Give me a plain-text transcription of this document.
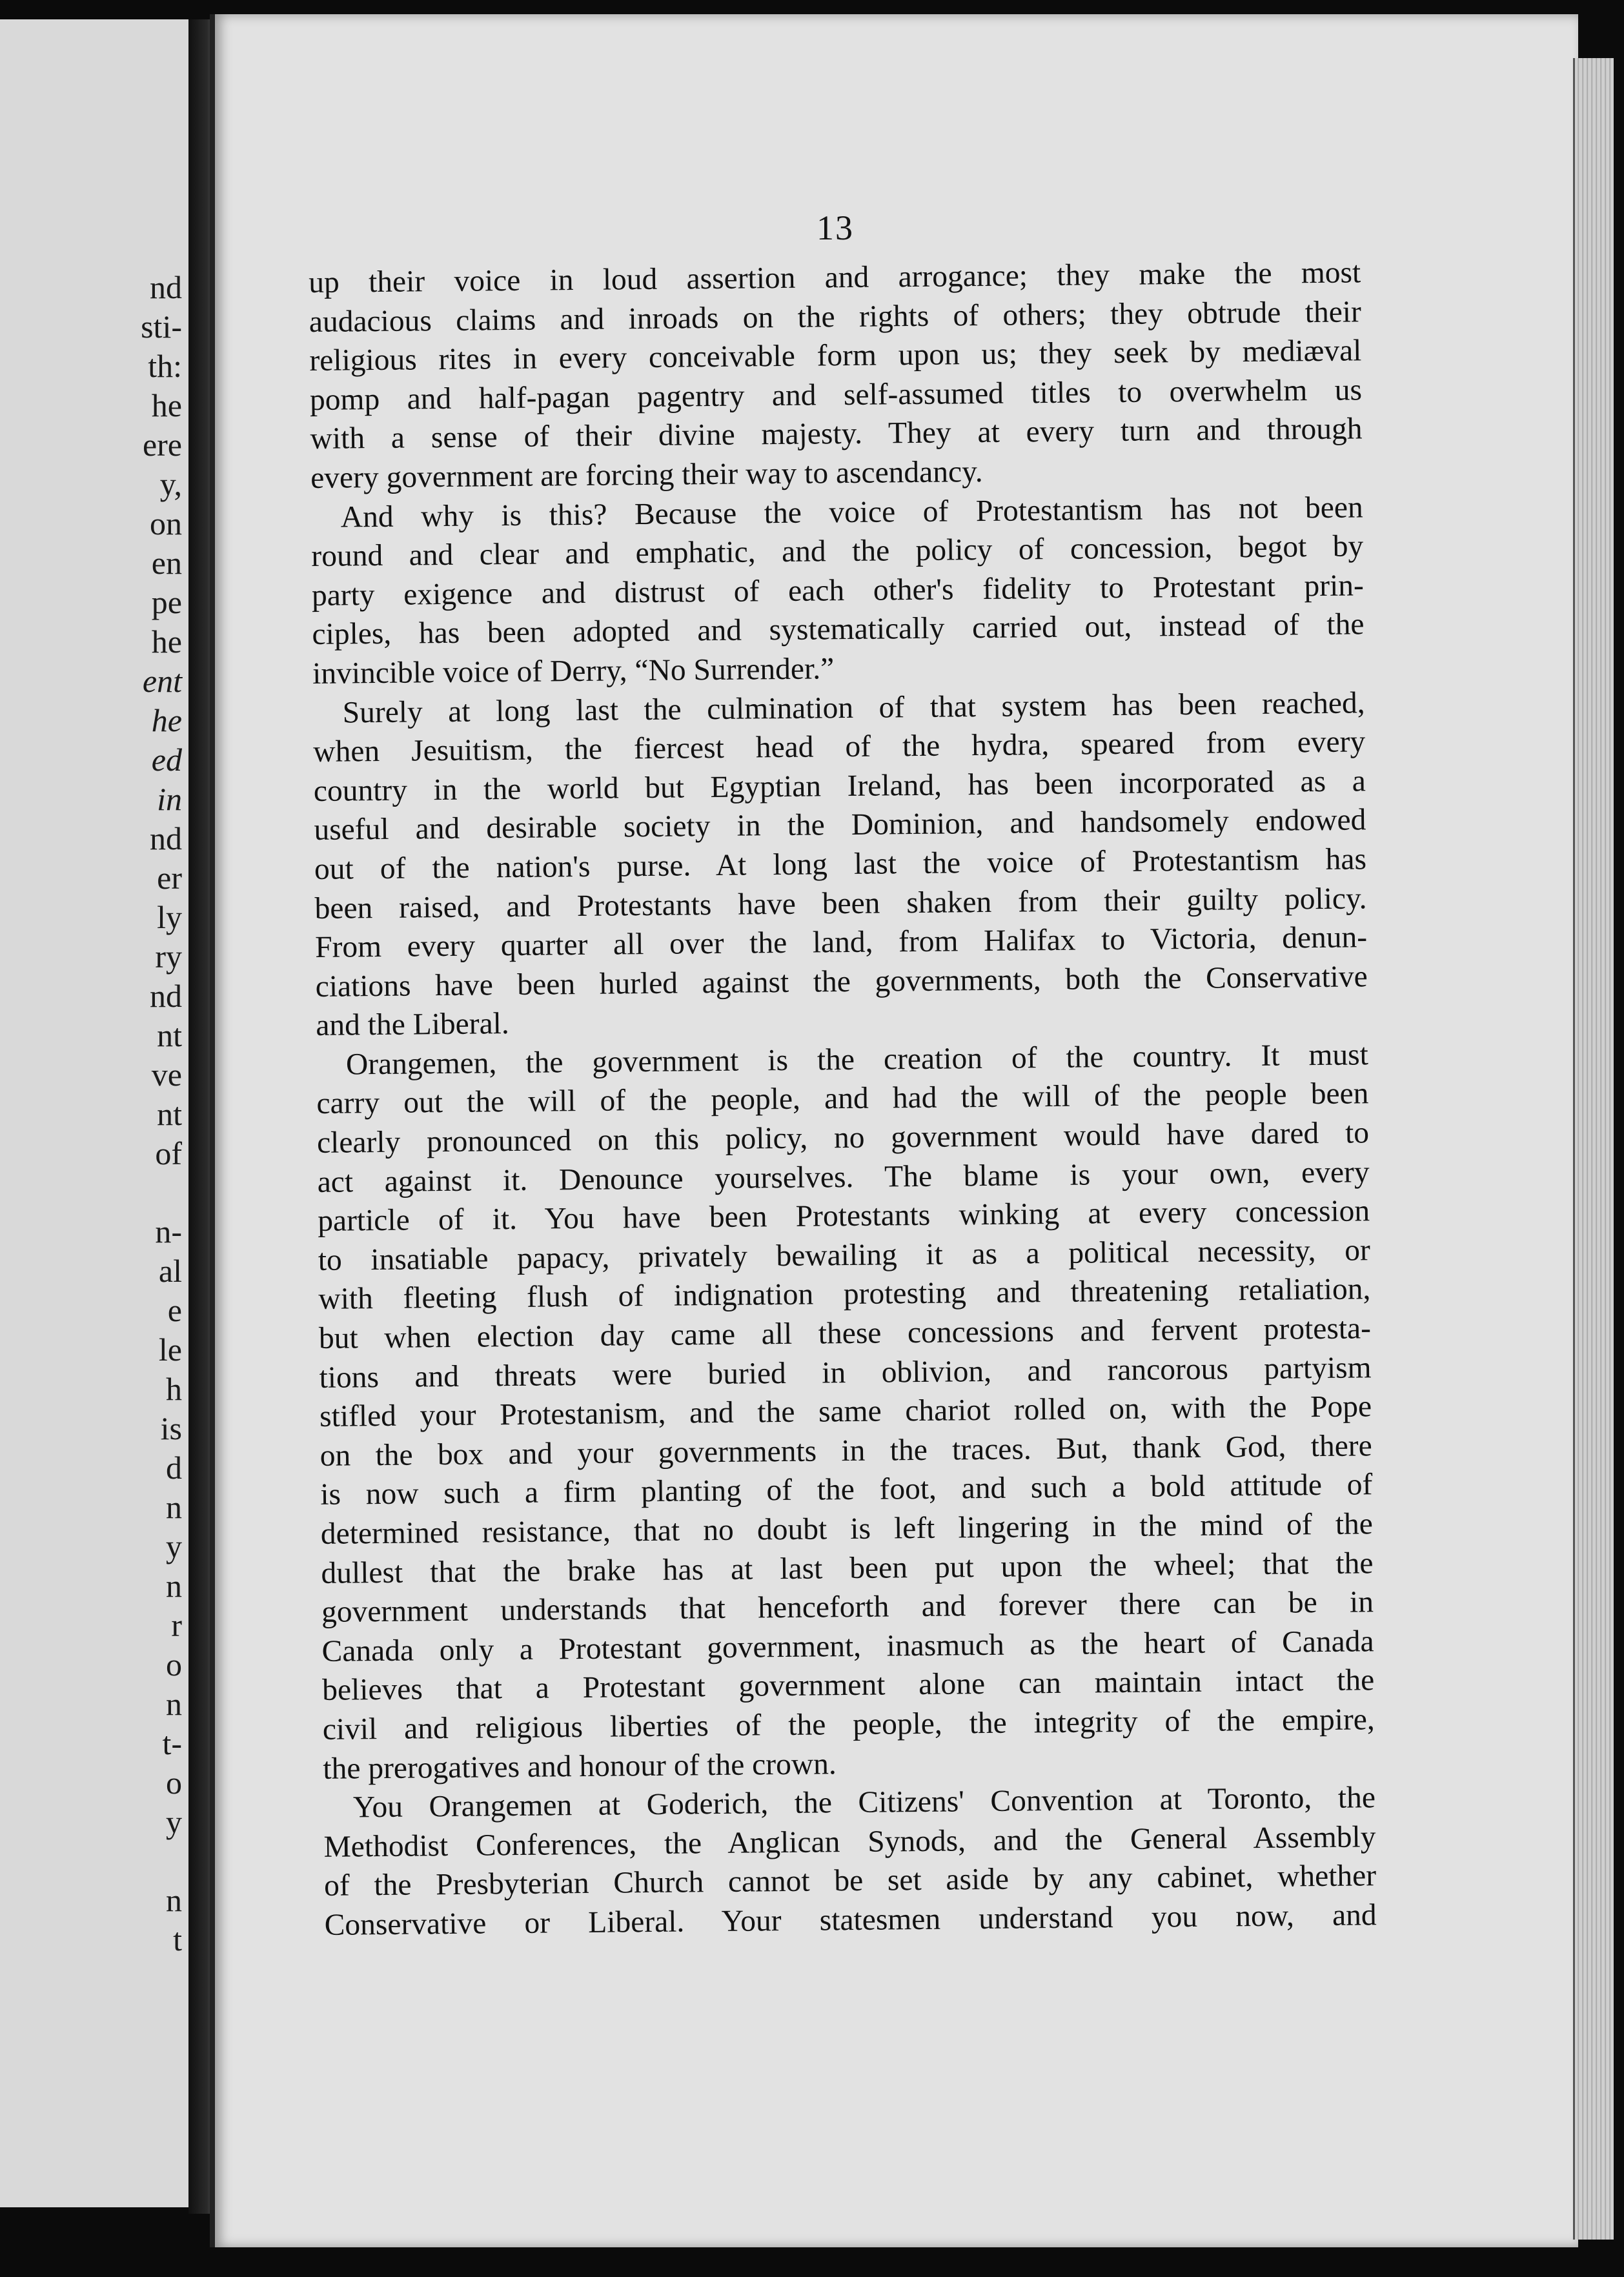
nd
sti-
th:
he
ere
y,
on
en
pe
he
ent
he
ed
in
nd
er
ly
ry
nd
nt
ve
nt
of
n-
al
e
le
h
is
d
n
y
n
r
o
n
t-
o
y
n
t
13
up their voice in loud assertion and arrogance; they make the most
audacious claims and inroads on the rights of others; they obtrude their
religious rites in every conceivable form upon us; they seek by mediæval
pomp and half-pagan pagentry and self-assumed titles to overwhelm us
with a sense of their divine majesty. They at every turn and through
every government are forcing their way to ascendancy.
And why is this? Because the voice of Protestantism has not been
round and clear and emphatic, and the policy of concession, begot by
party exigence and distrust of each other's fidelity to Protestant prin-
ciples, has been adopted and systematically carried out, instead of the
invincible voice of Derry, “No Surrender.”
Surely at long last the culmination of that system has been reached,
when Jesuitism, the fiercest head of the hydra, speared from every
country in the world but Egyptian Ireland, has been incorporated as a
useful and desirable society in the Dominion, and handsomely endowed
out of the nation's purse. At long last the voice of Protestantism has
been raised, and Protestants have been shaken from their guilty policy.
From every quarter all over the land, from Halifax to Victoria, denun-
ciations have been hurled against the governments, both the Conservative
and the Liberal.
Orangemen, the government is the creation of the country. It must
carry out the will of the people, and had the will of the people been
clearly pronounced on this policy, no government would have dared to
act against it. Denounce yourselves. The blame is your own, every
particle of it. You have been Protestants winking at every concession
to insatiable papacy, privately bewailing it as a political necessity, or
with fleeting flush of indignation protesting and threatening retaliation,
but when election day came all these concessions and fervent protesta-
tions and threats were buried in oblivion, and rancorous partyism
stifled your Protestanism, and the same chariot rolled on, with the Pope
on the box and your governments in the traces. But, thank God, there
is now such a firm planting of the foot, and such a bold attitude of
determined resistance, that no doubt is left lingering in the mind of the
dullest that the brake has at last been put upon the wheel; that the
government understands that henceforth and forever there can be in
Canada only a Protestant government, inasmuch as the heart of Canada
believes that a Protestant government alone can maintain intact the
civil and religious liberties of the people, the integrity of the empire,
the prerogatives and honour of the crown.
You Orangemen at Goderich, the Citizens' Convention at Toronto, the
Methodist Conferences, the Anglican Synods, and the General Assembly
of the Presbyterian Church cannot be set aside by any cabinet, whether
Conservative or Liberal. Your statesmen understand you now, and
